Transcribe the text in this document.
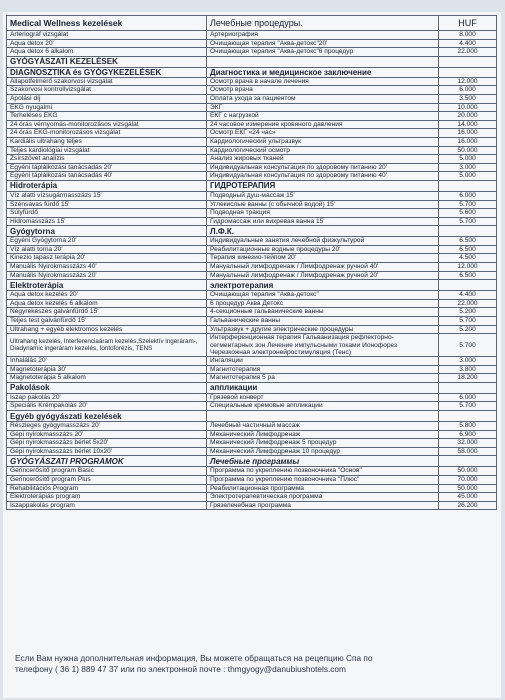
Medical Wellness kezelések	Лечебные процедуры.	HUF
Arteriográf vizsgálat	Артериография	8.000
Aqua detox 20'	Очищающая терапия "Аква-детокс"20'	4.400
Aqua detox 6 alkalom	Очищающая терапия "Аква-детокс"6 процедур	22.000
GYÓGYÁSZATI KEZELÉSEK		
DIAGNOSZTIKA és GYÓGYKEZELÉSEK	Диагностика и медицинское заключение	
Állapotfelmérő szakorvosi vizsgálat	Осмотр врача в начале лечения	12.000
Szakorvosi kontrollvizsgálat	Осмотр врача	6.000
Ápolási díj	Оплата ухода за пациентом	3.500
EKG nyugalmi	ЭКГ	10.000
Terheléses EKG	ЕКГ с нагрузкой	20.000
24 órás vérnyomás-monitorozásos vizsgálat	24 часовое измерение кровяного давления	14.000
24 órás EKG-monitorozásos vizsgálat	Осмотр ЕКГ «24 час»	16.000
Kardiális ultrahang teljes	Кардиологический ультразвук	16.000
Teljes kardiológiai vizsgálat	Кардиологический осмотр	50.000
Zsírszövet analízis	Анализ жировых тканей	5.000
Egyéni táplálkozási tanácsadás 20'	Индивидуальная консультация по здоровому питанию 20'	3.000
Egyéni táplálkozási tanácsadás 40'	Индивидуальная консультация по здоровому питанию 40'	5.000
Hidroterápia	ГИДРОТЕРАПИЯ	
Víz alatti vízsugármasszázs 15'	Подводный душ-массаж 15'	6.000
Szénsavas fürdő 15'	Углекислые ванны (с обычной водой) 15'	5.700
Súlyfürdő	Подводная тракция	5.600
Hidromasszázs 15'	Гидромассаж или вихревая ванна 15'	5.700
Gyógytorna	Л.Ф.К.	
Egyéni Gyógytorna 20'	Индивидуальные занятия лечебной физкультурой	6.500
Víz alatti torna 20'	Реабилитационные водные процедуры 20'	6.500
Kinezio tapasz terápia 20'	Терапия кинезио-тейпом 20'	4.500
Manuális Nyirokmasszázs 40'	Мануальный лимфодренаж / Лимфодренаж ручной 40'	12.000
Manuális Nyirokmasszázs 20'	Мануальный лимфодренаж / Лимфодренаж ручной 20'	6.500
Elektroterápia	электротерапия	
Aqua detox kezelés 20'	Очищающая терапия "Аква-детокс"	4.400
Aqua detox kezelés 6 alkalom	6 процедур Аква Детокс	22.000
Négyrekeszes galvánfürdő 15'	4-секционные гальванические ванны	5.200
Teljes test galvánfürdő 15'	Гальванические ванны	5.700
Ultrahang + egyéb elektromos kezelés	Ультразвук + другие электрические процедуры	5.200
Ultrahang kezelés, Interferenciaáram kezelés,Szelektív ingeráram-, Diadynamic ingeráram kezelés, Iontoforézis, TENS	Интерференционная терапия Гальванизация рефлекторно-сегментарных зон Лечение импульсными токами Ионофорез Черезкожная электронейростимуляция (Тенс)	5.700
Inhalálás 20'	Ингаляции	3.000
Magnetoterápia 30'	Магнитотерапия	3.800
Magnetoterápia 5 alkalom	Магнитотерапия 5 ра	18.200
Pakolások	аппликации	
Iszap pakolás 20'	Грязевой конверт	6.000
Speciális Krémpakolás 20'	Специальные кремовые аппликации	5.700
Egyéb gyógyászati kezelések		
Részleges gyógymasszázs 20'	Лечебный частичный массаж	5.800
Gépi nyirokmasszázs 20'	Механический Лимфодренаж	6.900
Gépi nyirokmasszázs bérlet 5x20'	Механический Лимфодренаж 5 процедур	32.000
Gépi nyirokmasszázs bérlet 10x20'	Механический Лимфодренаж 10 процедур	58.000
GYÓGYÁSZATI PROGRAMOK	Лечебные программы	
Gerincerősítő program Basic	Программа по укреплению позвоночника "Основ"	50.000
Gerincerősítő program Plus	Программа по укреплению позвоночника "Плюс"	70.000
Rehabilitációs Program	Реабилитационная программа	50.000
Elektroterápiás program	Электротерапевтическая программа	45.000
Iszappakolás program	Грязелечебная программа	26.200
Если Вам нужна дополнительная информация, Вы можете обращаться на рецепцию Спа по
телефону ( 36 1) 889 47 37 или по электронной почте : thmgyogy@danubiushotels.com
